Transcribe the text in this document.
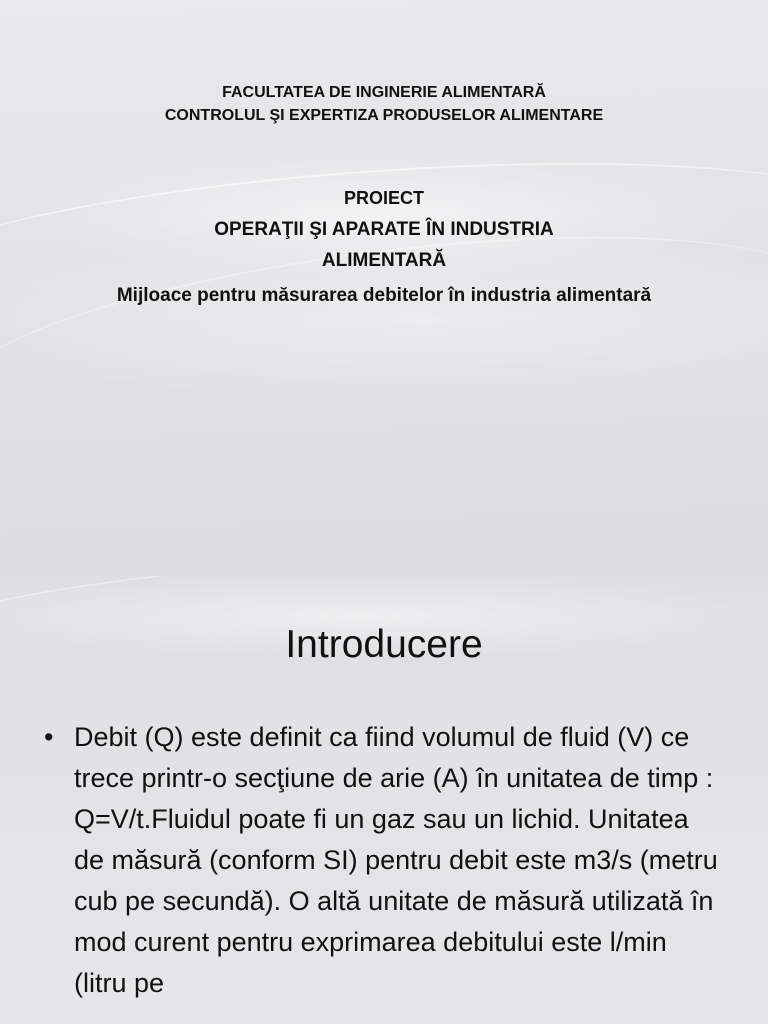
FACULTATEA DE INGINERIE ALIMENTARĂ
CONTROLUL ŞI EXPERTIZA PRODUSELOR ALIMENTARE
PROIECT
OPERAŢII ŞI APARATE ÎN INDUSTRIA ALIMENTARĂ
Mijloace pentru măsurarea debitelor în industria alimentară
Introducere
• Debit (Q) este definit ca fiind volumul de fluid (V) ce trece printr-o secţiune de arie (A) în unitatea de timp : Q=V/t.Fluidul poate fi un gaz sau un lichid. Unitatea de măsură (conform SI) pentru debit este m3/s (metru cub pe secundă). O altă unitate de măsură utilizată în mod curent pentru exprimarea debitului este l/min (litru pe
